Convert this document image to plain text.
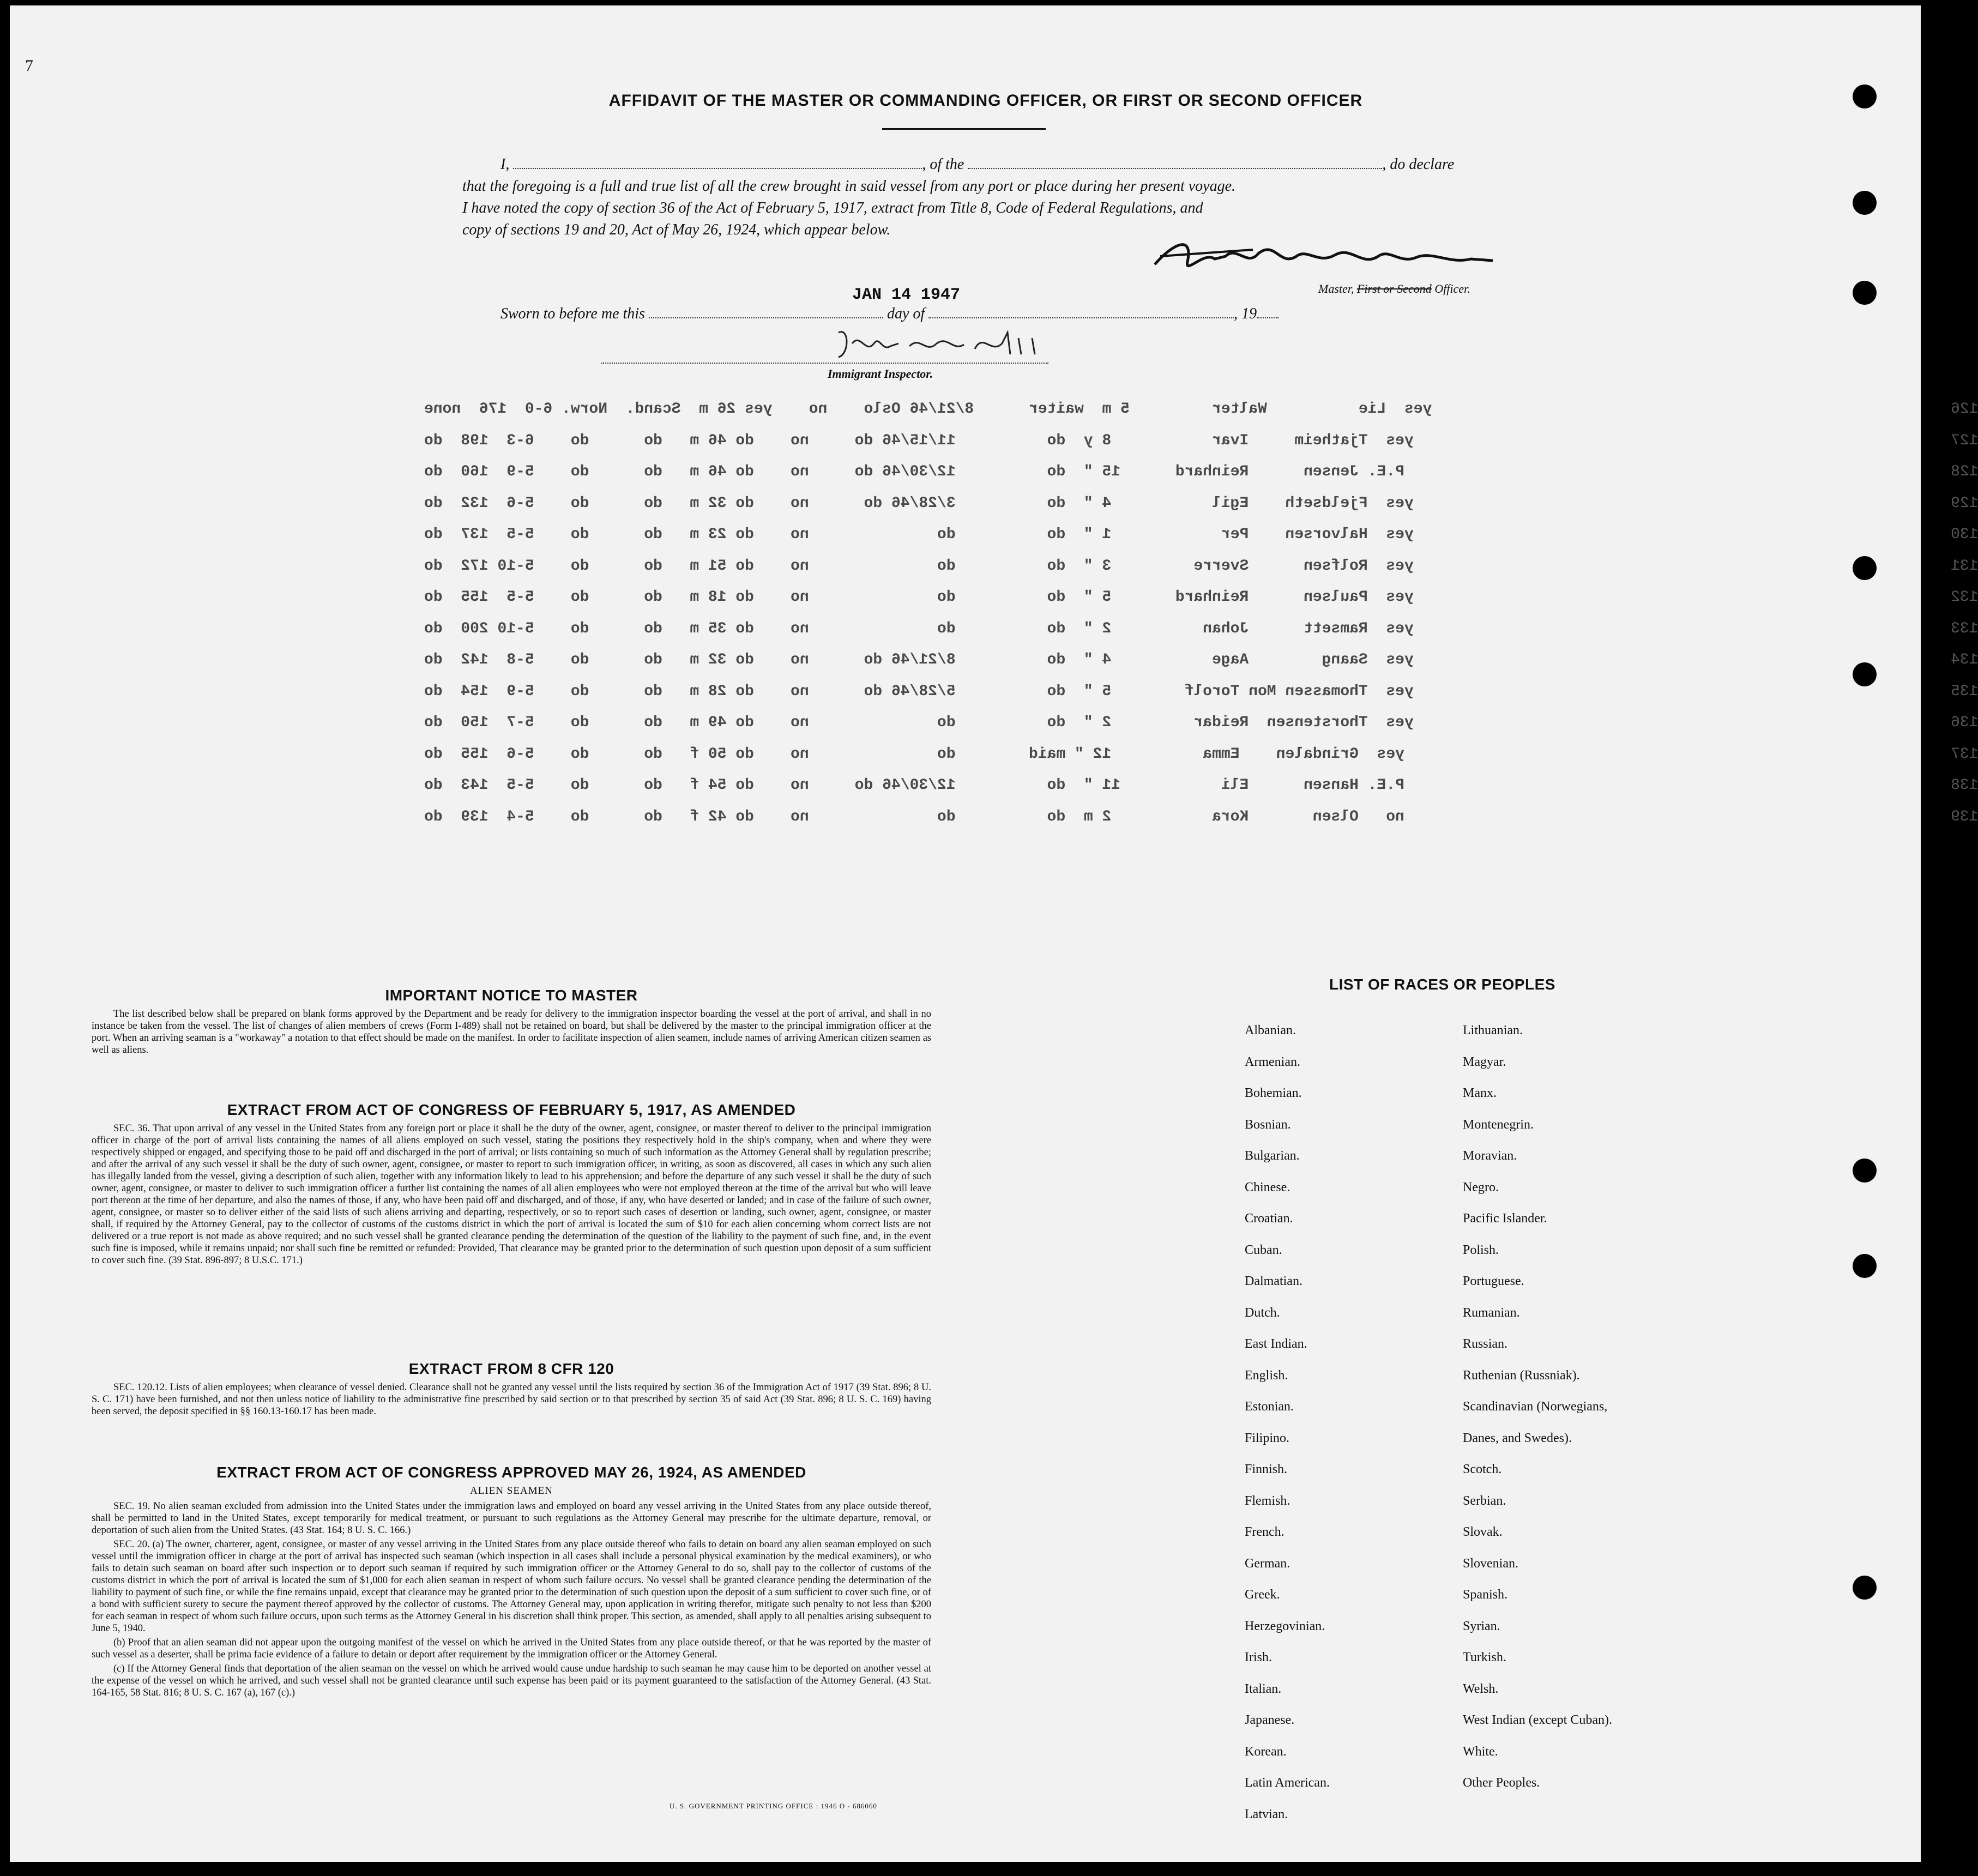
7
AFFIDAVIT OF THE MASTER OR COMMANDING OFFICER, OR FIRST OR SECOND OFFICER
I,	, of the	, do declare
that the foregoing is a full and true list of all the crew brought in said vessel from any port or place during her present voyage.
I have noted the copy of section 36 of the Act of February 5, 1917, extract from Title 8, Code of Federal Regulations, and
copy of sections 19 and 20, Act of May 26, 1924, which appear below.
Master, First or Second Officer.
JAN 14 1947
Sworn to before me this	day of	, 19
Immigrant Inspector.
yes  Lie          Walter         5 m  waiter      8/21/46 Oslo    no    yes 26 m  Scand.  Norw. 6-0  176  none	126
yes  Tjatheim     Ivar           8 y  do          11/15/46 do     no    do 46 m   do      do    6-3  198  do	127
P.E. Jensen      Reinhard      15 "  do          12/30/46 do     no    do 46 m   do      do    5-9  160  do	128
yes  Fjeldseth    Egil           4 "  do          3/28/46 do      no    do 32 m   do      do    5-6  132  do	129
yes  Halvorsen    Per            1 "  do          do              no    do 23 m   do      do    5-5  137  do	130
yes  Rolfsen      Sverre         3 "  do          do              no    do 51 m   do      do    5-10 172  do	131
yes  Paulsen      Reinhard       5 "  do          do              no    do 18 m   do      do    5-5  155  do	132
yes  Ramsett      Johan          2 "  do          do              no    do 35 m   do      do    5-10 200  do	133
yes  Saang        Aage           4 "  do          8/21/46 do      no    do 32 m   do      do    5-8  142  do	134
yes  Thomassen Mon Torolf        5 "  do          5/28/46 do      no    do 28 m   do      do    5-9  154  do	135
yes  Thorstensen  Reidar         2 "  do          do              no    do 49 m   do      do    5-7  150  do	136
yes  Grindalen    Emma          12 " maid        do              no    do 50 f   do      do    5-6  155  do	137
P.E. Hansen      Eli           11 "  do          12/30/46 do     no    do 54 f   do      do    5-5  143  do	138
no   Olsen       Kora           2 m  do          do              no    do 42 f   do      do    5-4  139  do	139
IMPORTANT NOTICE TO MASTER

The list described below shall be prepared on blank forms approved by the Department and be ready for delivery to the immigration inspector boarding the vessel at the port of arrival, and shall in no instance be taken from the vessel. The list of changes of alien members of crews (Form I-489) shall not be retained on board, but shall be delivered by the master to the principal immigration officer at the port. When an arriving seaman is a "workaway" a notation to that effect should be made on the manifest. In order to facilitate inspection of alien seamen, include names of arriving American citizen seamen as well as aliens.

EXTRACT FROM ACT OF CONGRESS OF FEBRUARY 5, 1917, AS AMENDED

SEC. 36. That upon arrival of any vessel in the United States from any foreign port or place it shall be the duty of the owner, agent, consignee, or master thereof to deliver to the principal immigration officer in charge of the port of arrival lists containing the names of all aliens employed on such vessel, stating the positions they respectively hold in the ship's company, when and where they were respectively shipped or engaged, and specifying those to be paid off and discharged in the port of arrival; or lists containing so much of such information as the Attorney General shall by regulation prescribe; and after the arrival of any such vessel it shall be the duty of such owner, agent, consignee, or master to report to such immigration officer, in writing, as soon as discovered, all cases in which any such alien has illegally landed from the vessel, giving a description of such alien, together with any information likely to lead to his apprehension; and before the departure of any such vessel it shall be the duty of such owner, agent, consignee, or master to deliver to such immigration officer a further list containing the names of all alien employees who were not employed thereon at the time of the arrival but who will leave port thereon at the time of her departure, and also the names of those, if any, who have been paid off and discharged, and of those, if any, who have deserted or landed; and in case of the failure of such owner, agent, consignee, or master so to deliver either of the said lists of such aliens arriving and departing, respectively, or so to report such cases of desertion or landing, such owner, agent, consignee, or master shall, if required by the Attorney General, pay to the collector of customs of the customs district in which the port of arrival is located the sum of $10 for each alien concerning whom correct lists are not delivered or a true report is not made as above required; and no such vessel shall be granted clearance pending the determination of the question of the liability to the payment of such fine, and, in the event such fine is imposed, while it remains unpaid; nor shall such fine be remitted or refunded: Provided, That clearance may be granted prior to the determination of such question upon deposit of a sum sufficient to cover such fine. (39 Stat. 896-897; 8 U.S.C. 171.)

EXTRACT FROM 8 CFR 120

SEC. 120.12. Lists of alien employees; when clearance of vessel denied. Clearance shall not be granted any vessel until the lists required by section 36 of the Immigration Act of 1917 (39 Stat. 896; 8 U. S. C. 171) have been furnished, and not then unless notice of liability to the administrative fine prescribed by said section or to that prescribed by section 35 of said Act (39 Stat. 896; 8 U. S. C. 169) having been served, the deposit specified in §§ 160.13-160.17 has been made.

EXTRACT FROM ACT OF CONGRESS APPROVED MAY 26, 1924, AS AMENDED
ALIEN SEAMEN

SEC. 19. No alien seaman excluded from admission into the United States under the immigration laws and employed on board any vessel arriving in the United States from any place outside thereof, shall be permitted to land in the United States, except temporarily for medical treatment, or pursuant to such regulations as the Attorney General may prescribe for the ultimate departure, removal, or deportation of such alien from the United States. (43 Stat. 164; 8 U. S. C. 166.)

SEC. 20. (a) The owner, charterer, agent, consignee, or master of any vessel arriving in the United States from any place outside thereof who fails to detain on board any alien seaman employed on such vessel until the immigration officer in charge at the port of arrival has inspected such seaman (which inspection in all cases shall include a personal physical examination by the medical examiners), or who fails to detain such seaman on board after such inspection or to deport such seaman if required by such immigration officer or the Attorney General to do so, shall pay to the collector of customs of the customs district in which the port of arrival is located the sum of $1,000 for each alien seaman in respect of whom such failure occurs. No vessel shall be granted clearance pending the determination of the liability to payment of such fine, or while the fine remains unpaid, except that clearance may be granted prior to the determination of such question upon the deposit of a sum sufficient to cover such fine, or of a bond with sufficient surety to secure the payment thereof approved by the collector of customs. The Attorney General may, upon application in writing therefor, mitigate such penalty to not less than $200 for each seaman in respect of whom such failure occurs, upon such terms as the Attorney General in his discretion shall think proper. This section, as amended, shall apply to all penalties arising subsequent to June 5, 1940.

(b) Proof that an alien seaman did not appear upon the outgoing manifest of the vessel on which he arrived in the United States from any place outside thereof, or that he was reported by the master of such vessel as a deserter, shall be prima facie evidence of a failure to detain or deport after requirement by the immigration officer or the Attorney General.

(c) If the Attorney General finds that deportation of the alien seaman on the vessel on which he arrived would cause undue hardship to such seaman he may cause him to be deported on another vessel at the expense of the vessel on which he arrived, and such vessel shall not be granted clearance until such expense has been paid or its payment guaranteed to the satisfaction of the Attorney General. (43 Stat. 164-165, 58 Stat. 816; 8 U. S. C. 167 (a), 167 (c).)

LIST OF RACES OR PEOPLES
Albanian.
Armenian.
Bohemian.
Bosnian.
Bulgarian.
Chinese.
Croatian.
Cuban.
Dalmatian.
Dutch.
East Indian.
English.
Estonian.
Filipino.
Finnish.
Flemish.
French.
German.
Greek.
Herzegovinian.
Irish.
Italian.
Japanese.
Korean.
Latin American.
Latvian.
Lithuanian.
Magyar.
Manx.
Montenegrin.
Moravian.
Negro.
Pacific Islander.
Polish.
Portuguese.
Rumanian.
Russian.
Ruthenian (Russniak).
Scandinavian (Norwegians,
Danes, and Swedes).
Scotch.
Serbian.
Slovak.
Slovenian.
Spanish.
Syrian.
Turkish.
Welsh.
West Indian (except Cuban).
White.
Other Peoples.
U. S. GOVERNMENT PRINTING OFFICE : 1946 O - 686060
